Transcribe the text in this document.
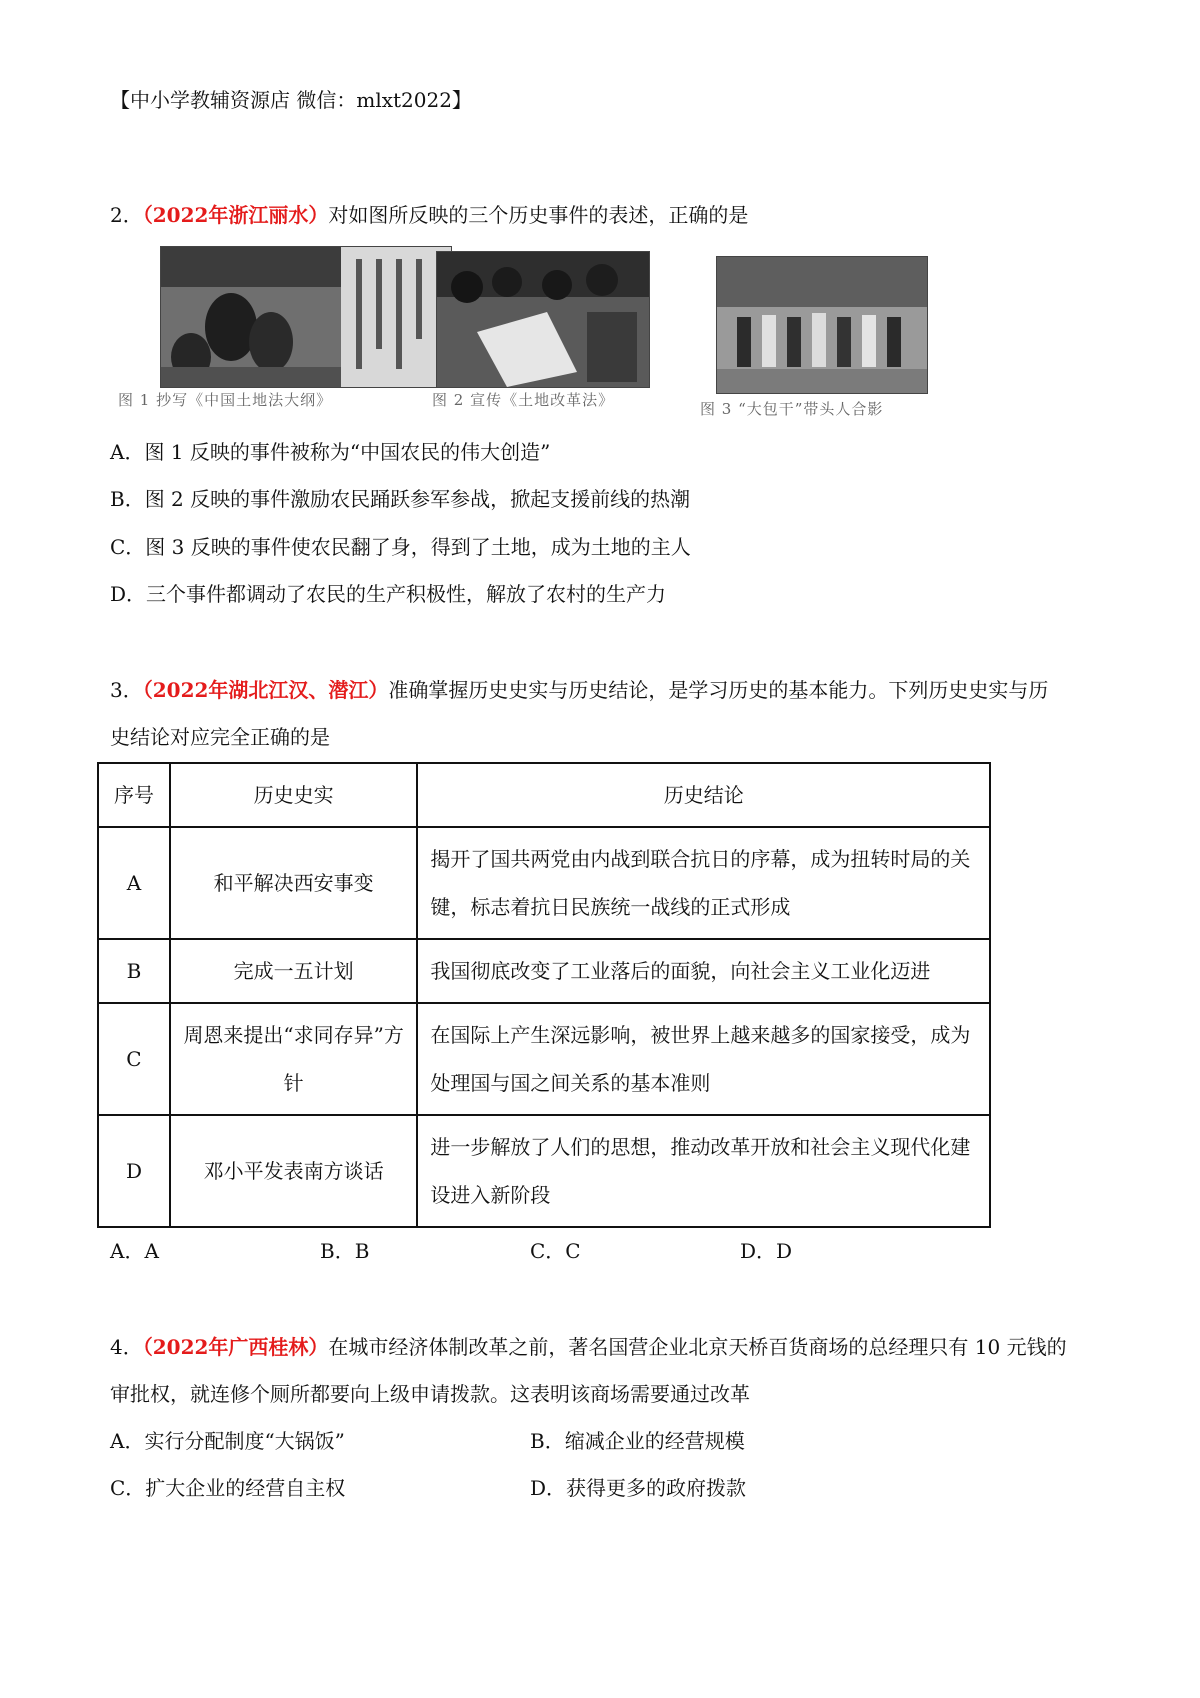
【中小学教辅资源店 微信：mlxt2022】
2．（2022年浙江丽水）对如图所反映的三个历史事件的表述，正确的是
图 1 抄写《中国土地法大纲》	图 2 宣传《土地改革法》	图 3 “大包干”带头人合影
A．图 1 反映的事件被称为“中国农民的伟大创造”
B．图 2 反映的事件激励农民踊跃参军参战，掀起支援前线的热潮
C．图 3 反映的事件使农民翻了身，得到了土地，成为土地的主人
D．三个事件都调动了农民的生产积极性，解放了农村的生产力
3．（2022年湖北江汉、潜江）准确掌握历史史实与历史结论，是学习历史的基本能力。下列历史史实与历
史结论对应完全正确的是
序号	历史史实	历史结论
A	和平解决西安事变	揭开了国共两党由内战到联合抗日的序幕，成为扭转时局的关键，标志着抗日民族统一战线的正式形成
B	完成一五计划	我国彻底改变了工业落后的面貌，向社会主义工业化迈进
C	周恩来提出“求同存异”方针	在国际上产生深远影响，被世界上越来越多的国家接受，成为处理国与国之间关系的基本准则
D	邓小平发表南方谈话	进一步解放了人们的思想，推动改革开放和社会主义现代化建设进入新阶段
A．A	B．B	C．C	D．D
4．（2022年广西桂林）在城市经济体制改革之前，著名国营企业北京天桥百货商场的总经理只有 10 元钱的
审批权，就连修个厕所都要向上级申请拨款。这表明该商场需要通过改革
A．实行分配制度“大锅饭”	B．缩减企业的经营规模
C．扩大企业的经营自主权	D．获得更多的政府拨款
